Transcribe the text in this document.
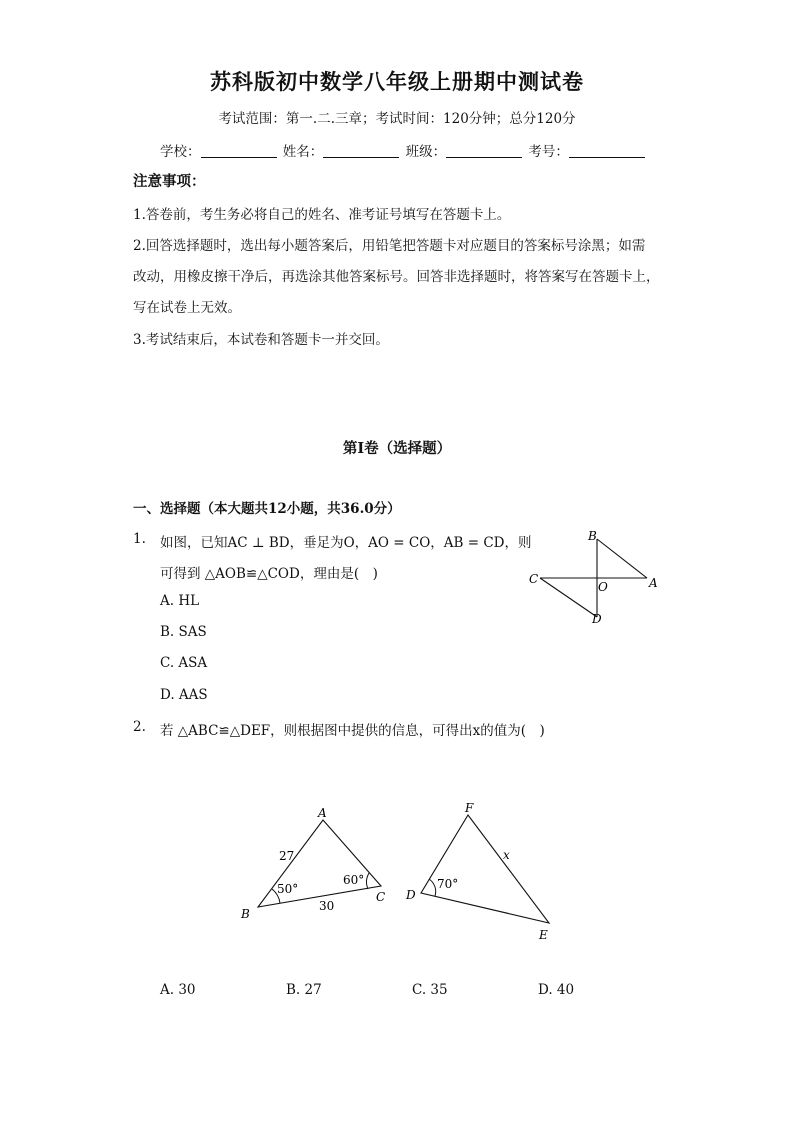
苏科版初中数学八年级上册期中测试卷
考试范围：第一.二.三章；考试时间：120分钟；总分120分
学校：	姓名：	班级：	考号：
注意事项：
1.答卷前，考生务必将自己的姓名、准考证号填写在答题卡上。
2.回答选择题时，选出每小题答案后，用铅笔把答题卡对应题目的答案标号涂黑；如需
改动，用橡皮擦干净后，再选涂其他答案标号。回答非选择题时，将答案写在答题卡上，
写在试卷上无效。
3.考试结束后，本试卷和答题卡一并交回。
第Ⅰ卷（选择题）
一、选择题（本大题共12小题，共36.0分）
1. 如图，已知AC ⊥ BD，垂足为O，AO = CO，AB = CD，则
可得到 △AOB≌△COD，理由是(　)
A. HL
B. SAS
C. ASA
D. AAS
B
A
C
D
O
2. 若 △ABC≌△DEF，则根据图中提供的信息，可得出x的值为(　)
A
B
C
27
30
50°
60°
F
D
E
x
70°
A. 30	B. 27	C. 35	D. 40
